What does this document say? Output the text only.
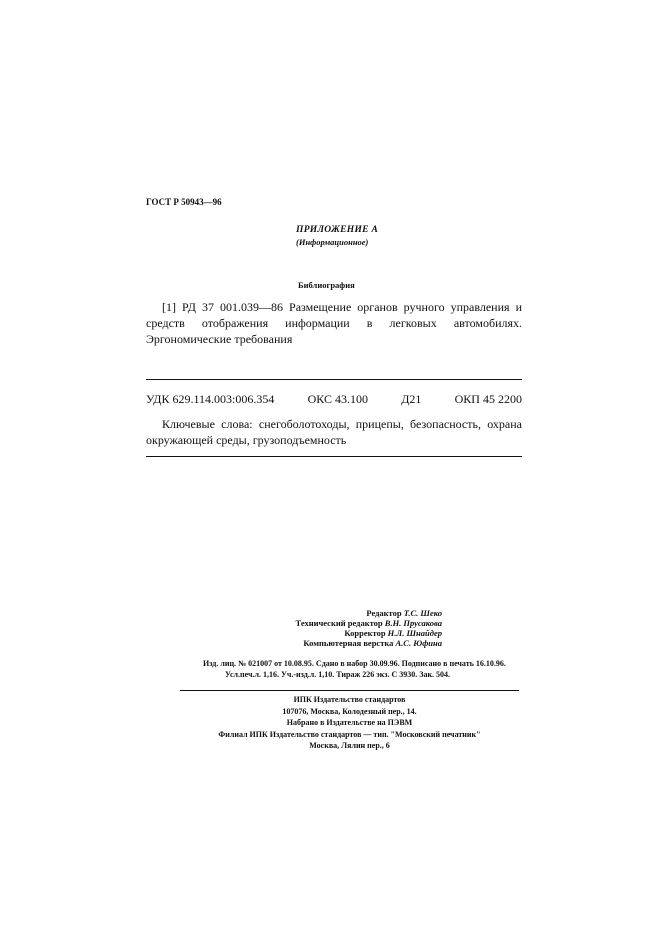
ГОСТ Р 50943—96
ПРИЛОЖЕНИЕ А
(Информационное)
Библиография
[1] РД 37 001.039—86 Размещение органов ручного управления и средств отображения информации в легковых автомобилях. Эргономические требования
УДК 629.114.003:006.354	ОКС 43.100	Д21	ОКП 45 2200
Ключевые слова: снегоболотоходы, прицепы, безопасность, охрана окружающей среды, грузоподъемность
Редактор Т.С. Шеко
Технический редактор В.Н. Прусакова
Корректор Н.Л. Шнайдер
Компьютерная верстка А.С. Юфина
Изд. лиц. № 021007 от 10.08.95. Сдано в набор 30.09.96. Подписано в печать 16.10.96.
Усл.печ.л. 1,16. Уч.-изд.л. 1,10. Тираж 226 экз. С 3930. Зак. 504.
ИПК Издательство стандартов
107076, Москва, Колодезный пер., 14.
Набрано в Издательстве на ПЭВМ
Филиал ИПК Издательство стандартов — тип. "Московский печатник"
Москва, Лялин пер., 6
